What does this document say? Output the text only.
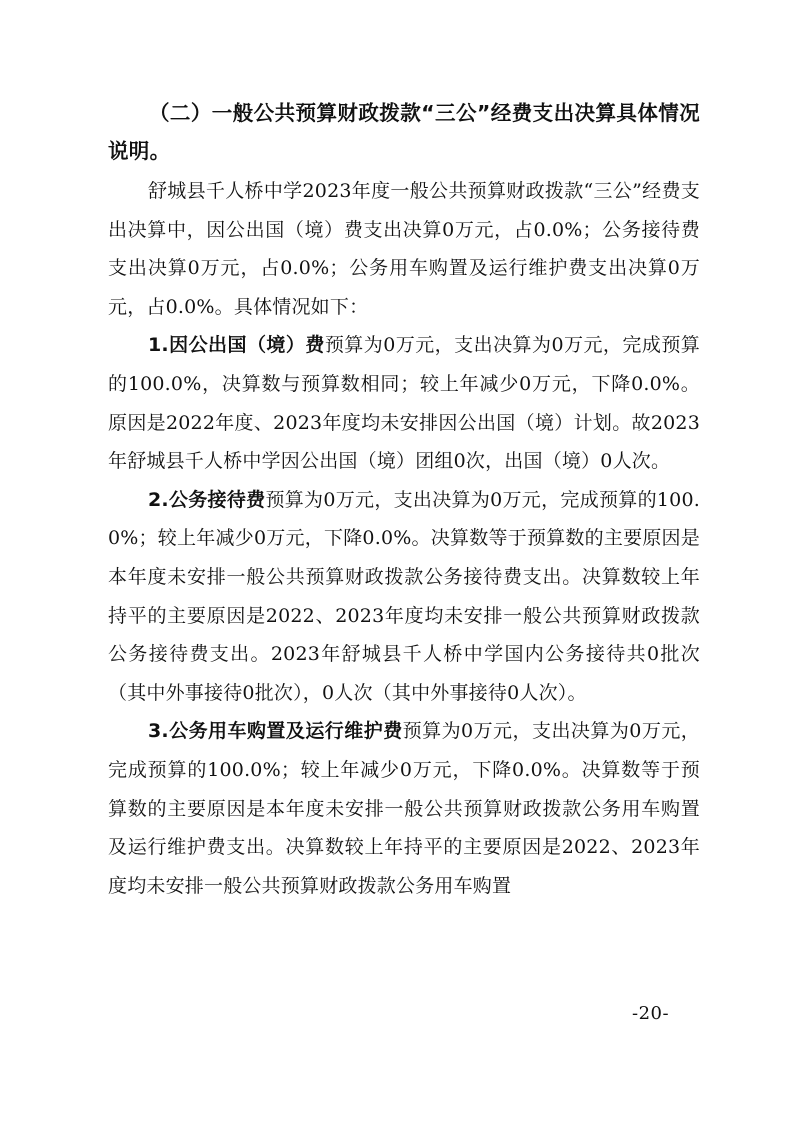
（二）一般公共预算财政拨款“三公”经费支出决算具体情况说明。

舒城县千人桥中学2023年度一般公共预算财政拨款“三公”经费支出决算中，因公出国（境）费支出决算0万元，占0.0%；公务接待费支出决算0万元，占0.0%；公务用车购置及运行维护费支出决算0万元，占0.0%。具体情况如下：

1.因公出国（境）费预算为0万元，支出决算为0万元，完成预算的100.0%，决算数与预算数相同；较上年减少0万元，下降0.0%。原因是2022年度、2023年度均未安排因公出国（境）计划。故2023年舒城县千人桥中学因公出国（境）团组0次，出国（境）0人次。

2.公务接待费预算为0万元，支出决算为0万元，完成预算的100.0%；较上年减少0万元，下降0.0%。决算数等于预算数的主要原因是本年度未安排一般公共预算财政拨款公务接待费支出。决算数较上年持平的主要原因是2022、2023年度均未安排一般公共预算财政拨款公务接待费支出。2023年舒城县千人桥中学国内公务接待共0批次（其中外事接待0批次），0人次（其中外事接待0人次）。

3.公务用车购置及运行维护费预算为0万元，支出决算为0万元，完成预算的100.0%；较上年减少0万元，下降0.0%。决算数等于预算数的主要原因是本年度未安排一般公共预算财政拨款公务用车购置及运行维护费支出。决算数较上年持平的主要原因是2022、2023年度均未安排一般公共预算财政拨款公务用车购置

-20-
